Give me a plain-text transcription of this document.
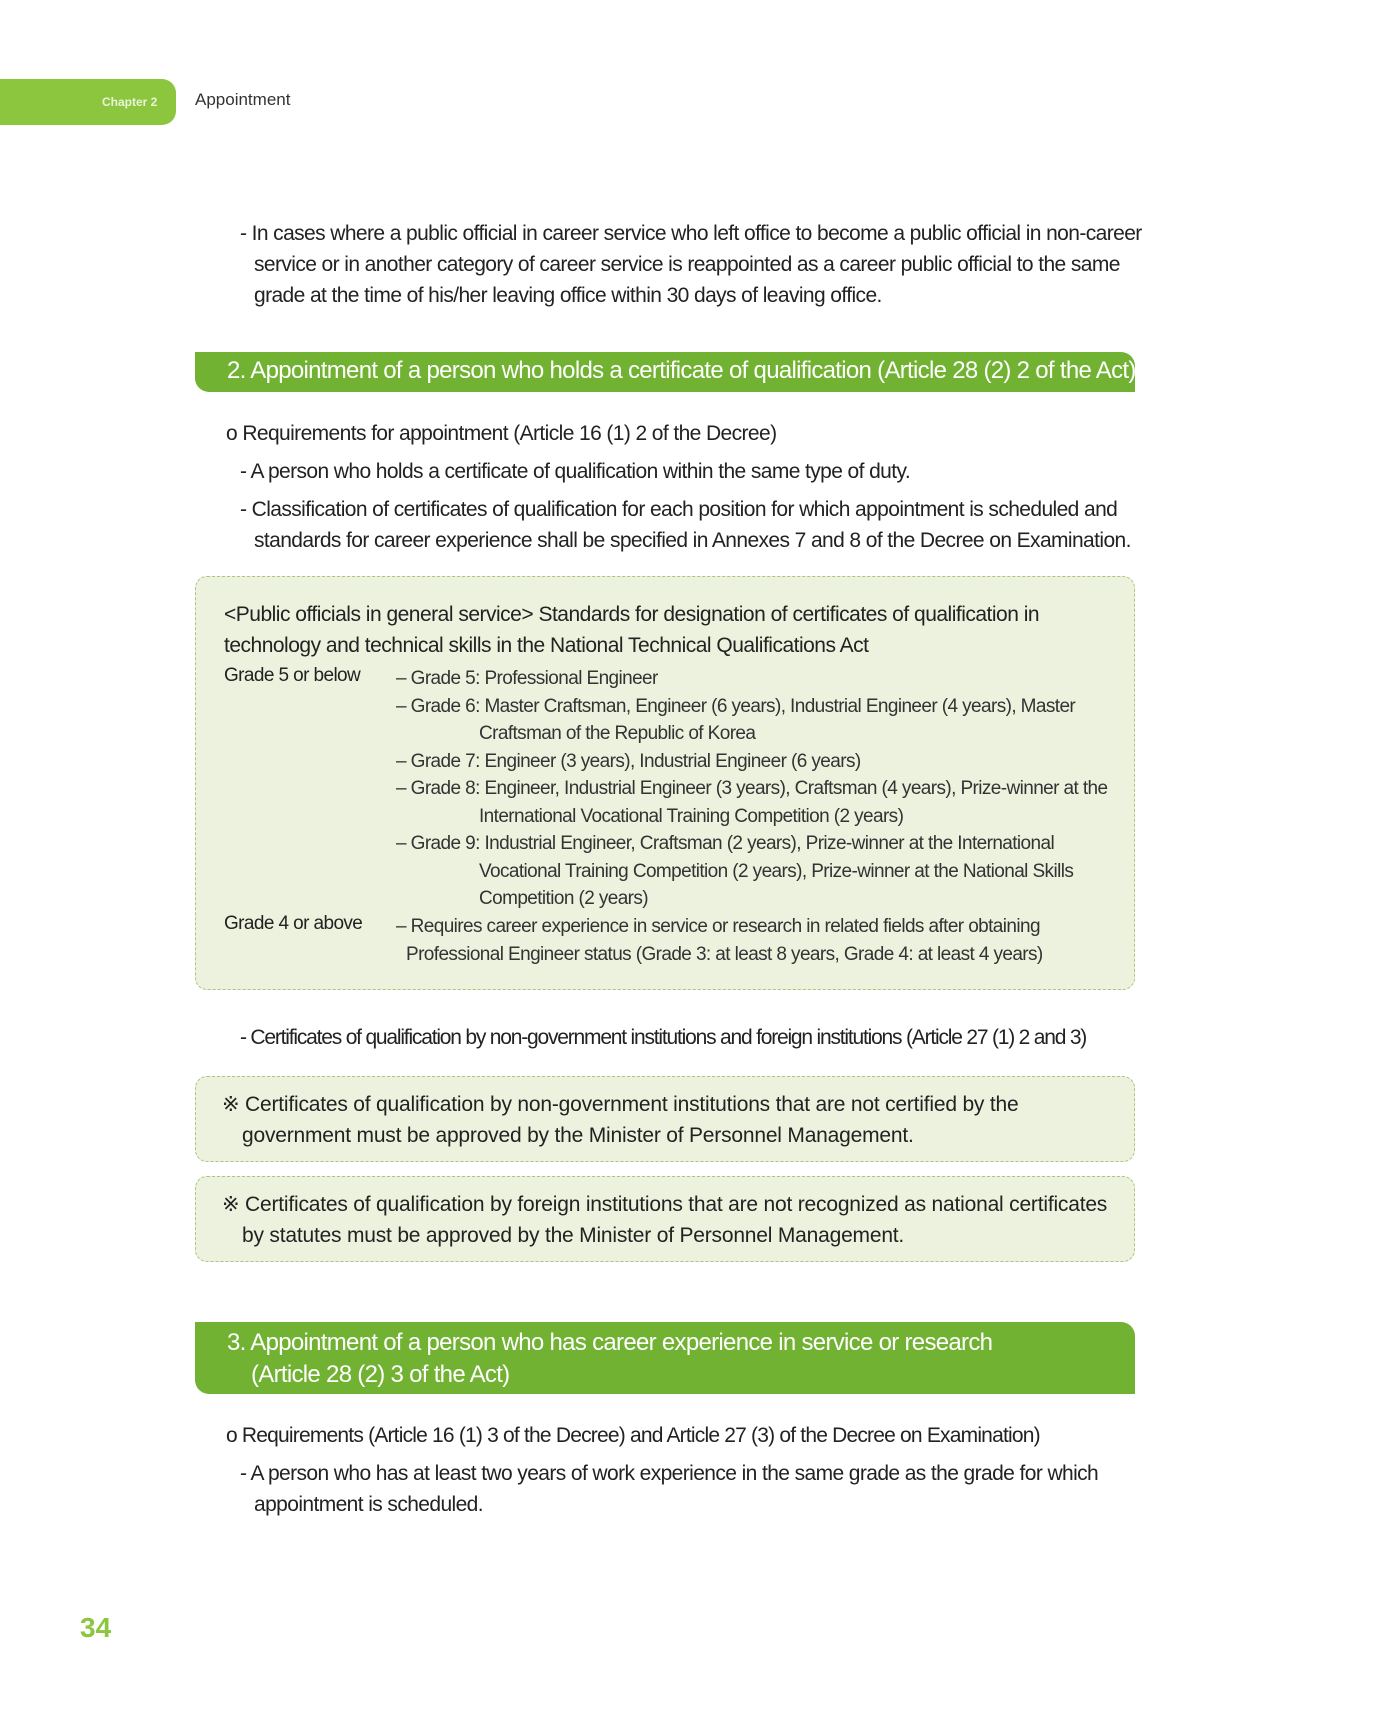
Chapter 2	Appointment
- In cases where a public official in career service who left office to become a public official in non-career service or in another category of career service is reappointed as a career public official to the same grade at the time of his/her leaving office within 30 days of leaving office.
2. Appointment of a person who holds a certificate of qualification (Article 28 (2) 2 of the Act)
o Requirements for appointment (Article 16 (1) 2 of the Decree)
- A person who holds a certificate of qualification within the same type of duty.
- Classification of certificates of qualification for each position for which appointment is scheduled and standards for career experience shall be specified in Annexes 7 and 8 of the Decree on Examination.
<Public officials in general service> Standards for designation of certificates of qualification in technology and technical skills in the National Technical Qualifications Act
Grade 5 or below – Grade 5: Professional Engineer
– Grade 6: Master Craftsman, Engineer (6 years), Industrial Engineer (4 years), Master
Craftsman of the Republic of Korea
– Grade 7: Engineer (3 years), Industrial Engineer (6 years)
– Grade 8: Engineer, Industrial Engineer (3 years), Craftsman (4 years), Prize-winner at the
International Vocational Training Competition (2 years)
– Grade 9: Industrial Engineer, Craftsman (2 years), Prize-winner at the International
Vocational Training Competition (2 years), Prize-winner at the National Skills
Competition (2 years)
Grade 4 or above – Requires career experience in service or research in related fields after obtaining
Professional Engineer status (Grade 3: at least 8 years, Grade 4: at least 4 years)
- Certificates of qualification by non-government institutions and foreign institutions (Article 27 (1) 2 and 3)
※ Certificates of qualification by non-government institutions that are not certified by the government must be approved by the Minister of Personnel Management.
※ Certificates of qualification by foreign institutions that are not recognized as national certificates by statutes must be approved by the Minister of Personnel Management.
3. Appointment of a person who has career experience in service or research
(Article 28 (2) 3 of the Act)
o Requirements (Article 16 (1) 3 of the Decree) and Article 27 (3) of the Decree on Examination)
- A person who has at least two years of work experience in the same grade as the grade for which appointment is scheduled.
34
